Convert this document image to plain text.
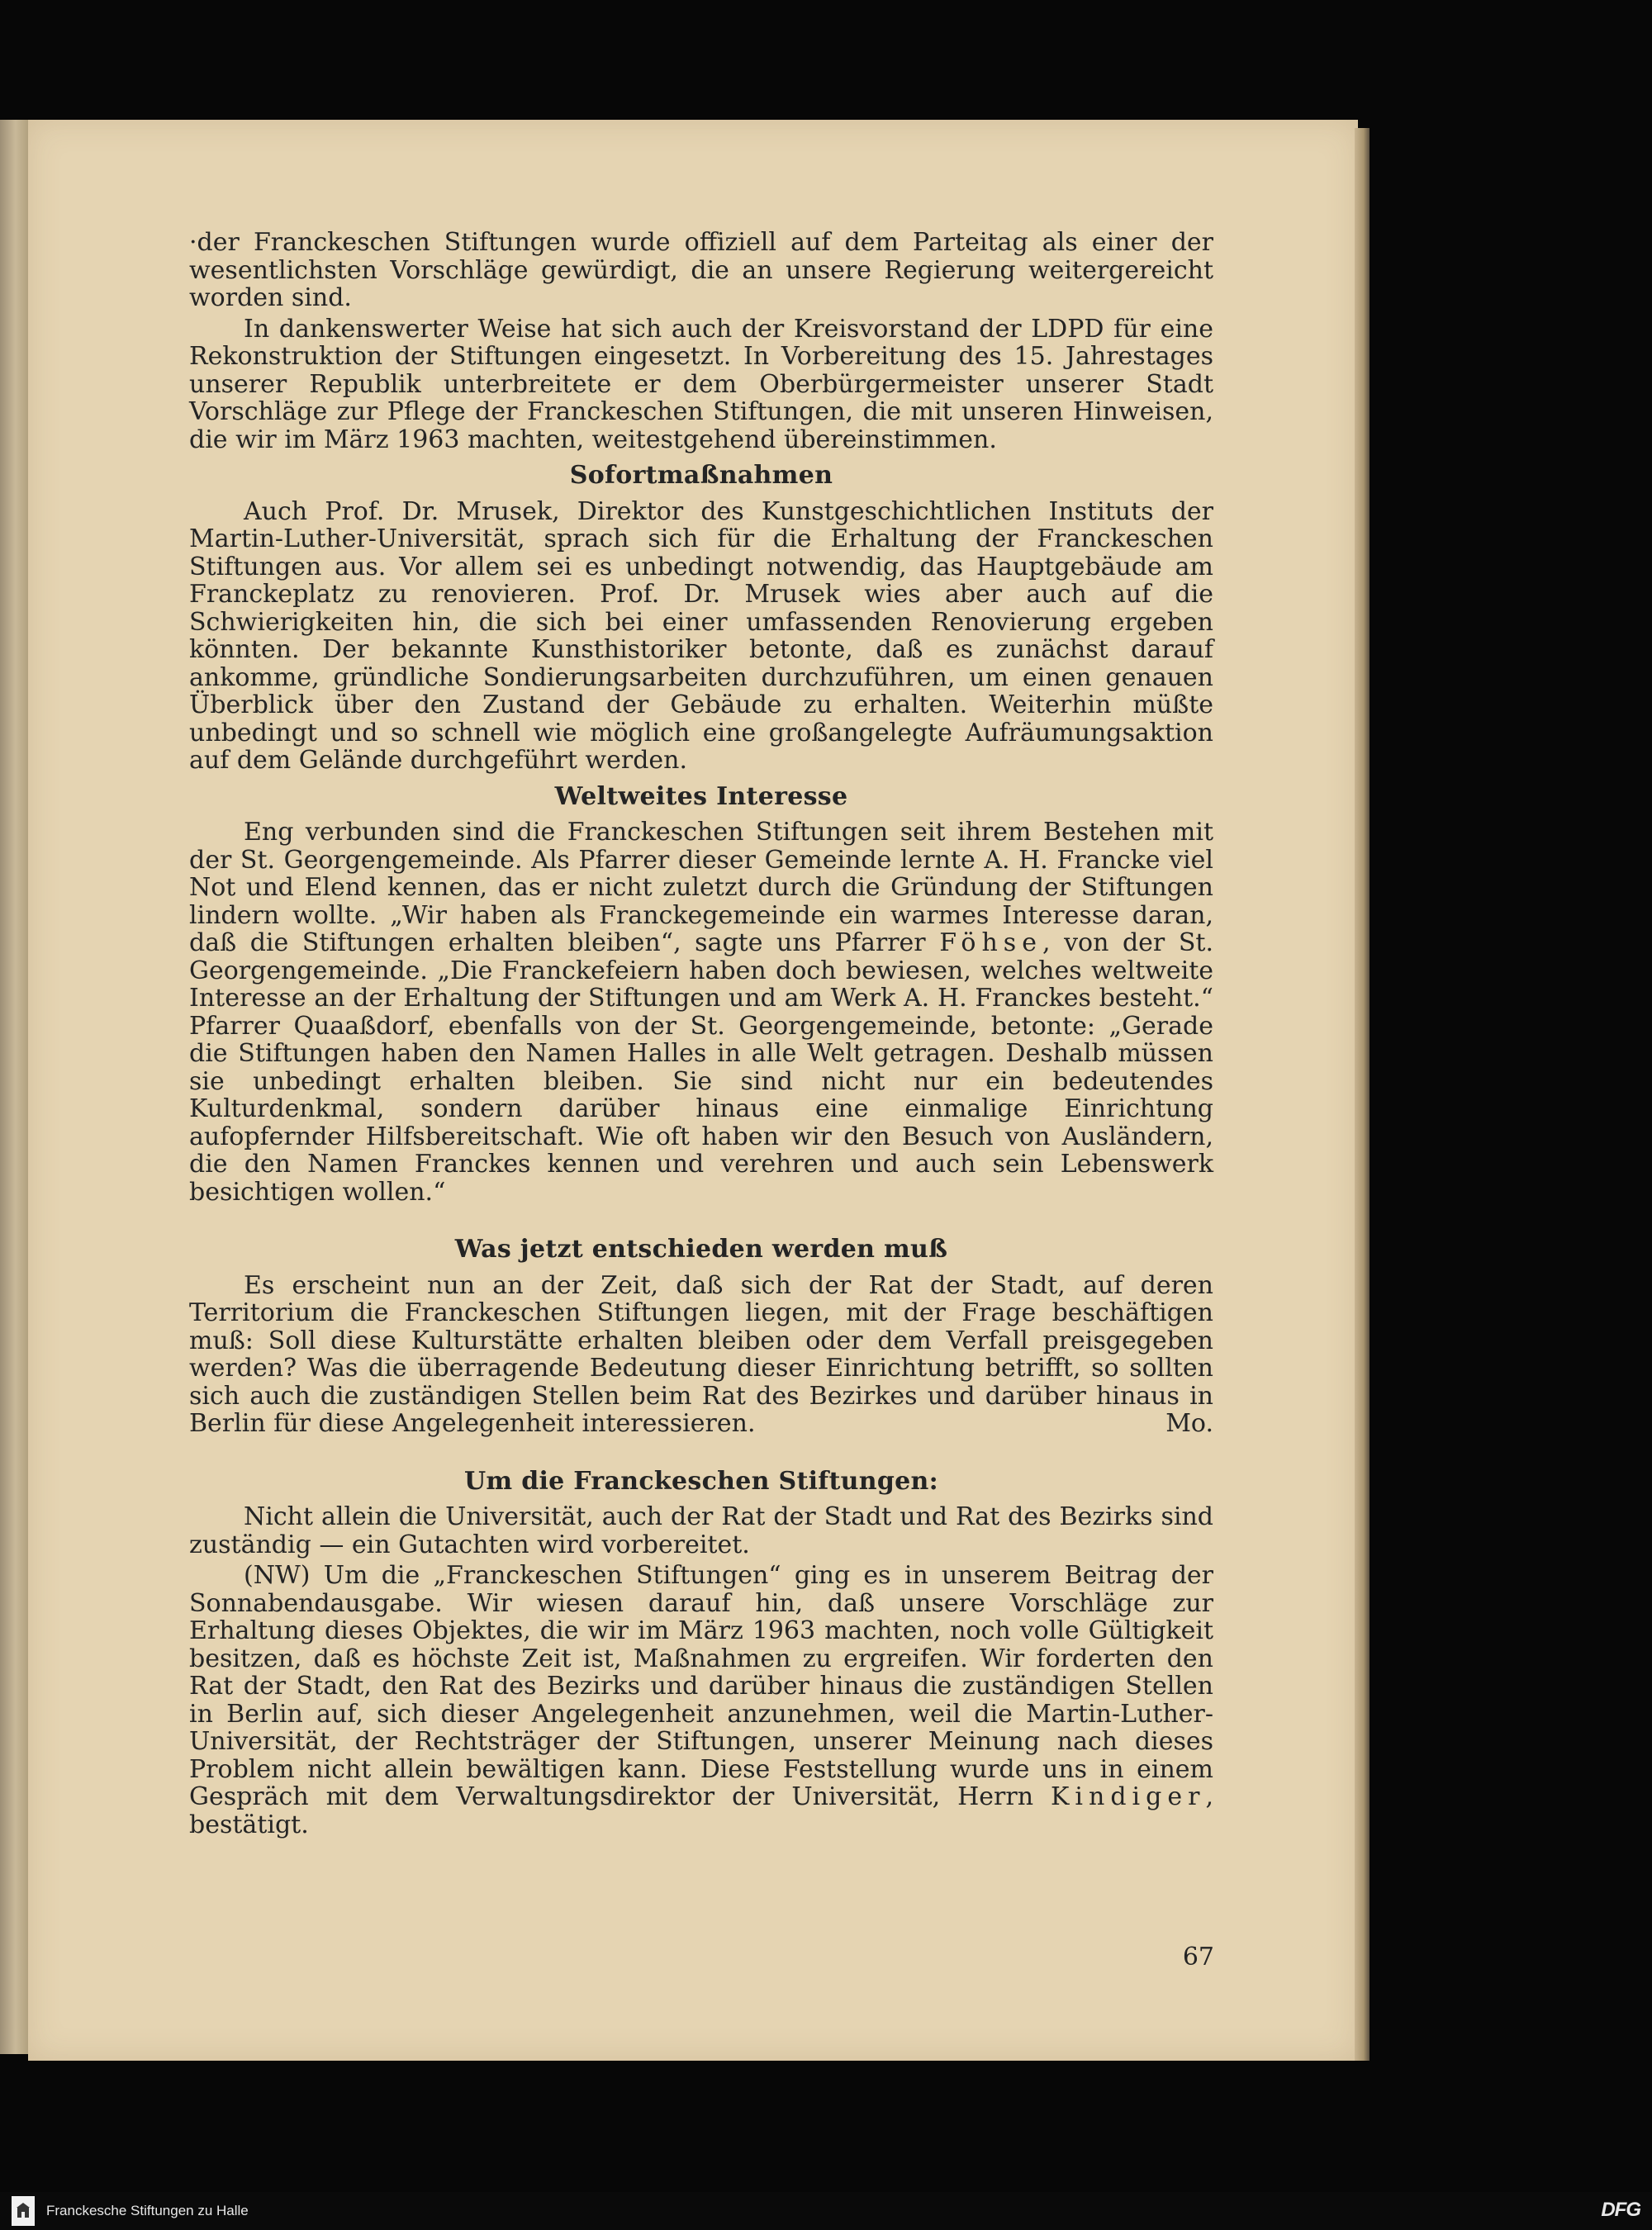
·der Franckeschen Stiftungen wurde offiziell auf dem Parteitag als einer der wesentlichsten Vorschläge gewürdigt, die an unsere Regierung weitergereicht worden sind.

In dankenswerter Weise hat sich auch der Kreisvorstand der LDPD für eine Rekonstruktion der Stiftungen eingesetzt. In Vorbereitung des 15. Jahrestages unserer Republik unterbreitete er dem Oberbürgermeister unserer Stadt Vorschläge zur Pflege der Franckeschen Stiftungen, die mit unseren Hinweisen, die wir im März 1963 machten, weitestgehend übereinstimmen.

Sofortmaßnahmen

Auch Prof. Dr. Mrusek, Direktor des Kunstgeschichtlichen Instituts der Martin-Luther-Universität, sprach sich für die Erhaltung der Franckeschen Stiftungen aus. Vor allem sei es unbedingt notwendig, das Hauptgebäude am Franckeplatz zu renovieren. Prof. Dr. Mrusek wies aber auch auf die Schwierigkeiten hin, die sich bei einer umfassenden Renovierung ergeben könnten. Der bekannte Kunsthistoriker betonte, daß es zunächst darauf ankomme, gründliche Sondierungsarbeiten durchzuführen, um einen genauen Überblick über den Zustand der Gebäude zu erhalten. Weiterhin müßte unbedingt und so schnell wie möglich eine großangelegte Aufräumungsaktion auf dem Gelände durchgeführt werden.

Weltweites Interesse

Eng verbunden sind die Franckeschen Stiftungen seit ihrem Bestehen mit der St. Georgengemeinde. Als Pfarrer dieser Gemeinde lernte A. H. Francke viel Not und Elend kennen, das er nicht zuletzt durch die Gründung der Stiftungen lindern wollte. „Wir haben als Franckegemeinde ein warmes Interesse daran, daß die Stiftungen erhalten bleiben“, sagte uns Pfarrer Föhse, von der St. Georgengemeinde. „Die Franckefeiern haben doch bewiesen, welches weltweite Interesse an der Erhaltung der Stiftungen und am Werk A. H. Franckes besteht.“ Pfarrer Quaaßdorf, ebenfalls von der St. Georgengemeinde, betonte: „Gerade die Stiftungen haben den Namen Halles in alle Welt getragen. Deshalb müssen sie unbedingt erhalten bleiben. Sie sind nicht nur ein bedeutendes Kulturdenkmal, sondern darüber hinaus eine einmalige Einrichtung aufopfernder Hilfsbereitschaft. Wie oft haben wir den Besuch von Ausländern, die den Namen Franckes kennen und verehren und auch sein Lebenswerk besichtigen wollen.“

Was jetzt entschieden werden muß

Es erscheint nun an der Zeit, daß sich der Rat der Stadt, auf deren Territorium die Franckeschen Stiftungen liegen, mit der Frage beschäftigen muß: Soll diese Kulturstätte erhalten bleiben oder dem Verfall preisgegeben werden? Was die überragende Bedeutung dieser Einrichtung betrifft, so sollten sich auch die zuständigen Stellen beim Rat des Bezirkes und darüber hinaus in Berlin für diese Angelegenheit interessieren.	Mo.

Um die Franckeschen Stiftungen:

Nicht allein die Universität, auch der Rat der Stadt und Rat des Bezirks sind zuständig — ein Gutachten wird vorbereitet.

(NW) Um die „Franckeschen Stiftungen“ ging es in unserem Beitrag der Sonnabendausgabe. Wir wiesen darauf hin, daß unsere Vorschläge zur Erhaltung dieses Objektes, die wir im März 1963 machten, noch volle Gültigkeit besitzen, daß es höchste Zeit ist, Maßnahmen zu ergreifen. Wir forderten den Rat der Stadt, den Rat des Bezirks und darüber hinaus die zuständigen Stellen in Berlin auf, sich dieser Angelegenheit anzunehmen, weil die Martin-Luther-Universität, der Rechtsträger der Stiftungen, unserer Meinung nach dieses Problem nicht allein bewältigen kann. Diese Feststellung wurde uns in einem Gespräch mit dem Verwaltungsdirektor der Universität, Herrn Kindiger, bestätigt.

67
Franckesche Stiftungen zu Halle	DFG
